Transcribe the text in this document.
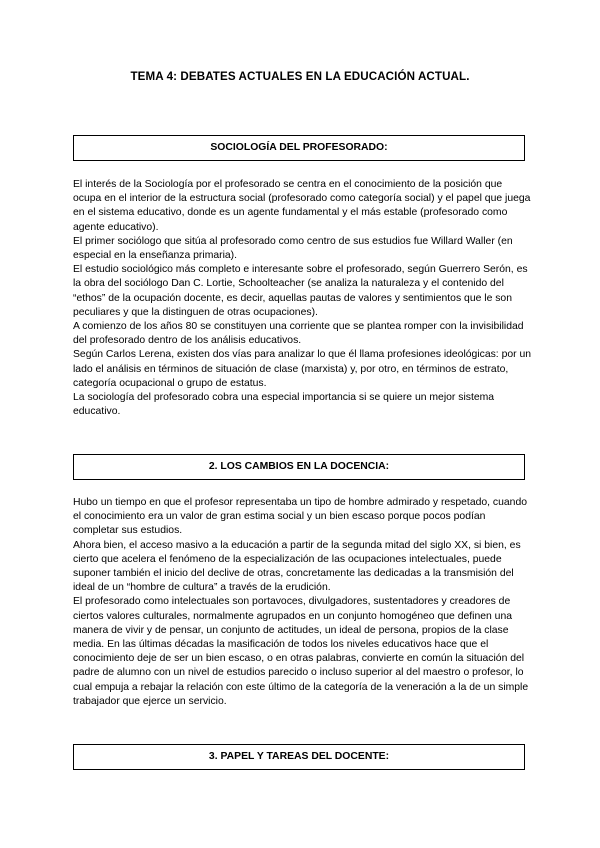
TEMA 4: DEBATES ACTUALES EN LA EDUCACIÓN ACTUAL.
SOCIOLOGÍA DEL PROFESORADO:

El interés de la Sociología por el profesorado se centra en el conocimiento de la posición que ocupa en el interior de la estructura social (profesorado como categoría social) y el papel que juega en el sistema educativo, donde es un agente fundamental y el más estable (profesorado como agente educativo).

El primer sociólogo que sitúa al profesorado como centro de sus estudios fue Willard Waller (en especial en la enseñanza primaria).

El estudio sociológico más completo e interesante sobre el profesorado, según Guerrero Serón, es la obra del sociólogo Dan C. Lortie, Schoolteacher (se analiza la naturaleza y el contenido del “ethos” de la ocupación docente, es decir, aquellas pautas de valores y sentimientos que le son peculiares y que la distinguen de otras ocupaciones).

A comienzo de los años 80 se constituyen una corriente que se plantea romper con la invisibilidad del profesorado dentro de los análisis educativos.

Según Carlos Lerena, existen dos vías para analizar lo que él llama profesiones ideológicas: por un lado el análisis en términos de situación de clase (marxista) y, por otro, en términos de estrato, categoría ocupacional o grupo de estatus.

La sociología del profesorado cobra una especial importancia si se quiere un mejor sistema educativo.

2. LOS CAMBIOS EN LA DOCENCIA:

Hubo un tiempo en que el profesor representaba un tipo de hombre admirado y respetado, cuando el conocimiento era un valor de gran estima social y un bien escaso porque pocos podían completar sus estudios.

Ahora bien, el acceso masivo a la educación a partir de la segunda mitad del siglo XX, si bien, es cierto que acelera el fenómeno de la especialización de las ocupaciones intelectuales, puede suponer también el inicio del declive de otras, concretamente las dedicadas a la transmisión del ideal de un “hombre de cultura” a través de la erudición.

El profesorado como intelectuales son portavoces, divulgadores, sustentadores y creadores de ciertos valores culturales, normalmente agrupados en un conjunto homogéneo que definen una manera de vivir y de pensar, un conjunto de actitudes, un ideal de persona, propios de la clase media. En las últimas décadas la masificación de todos los niveles educativos hace que el conocimiento deje de ser un bien escaso, o en otras palabras, convierte en común la situación del padre de alumno con un nivel de estudios parecido o incluso superior al del maestro o profesor, lo cual empuja a rebajar la relación con este último de la categoría de la veneración a la de un simple trabajador que ejerce un servicio.

3. PAPEL Y TAREAS DEL DOCENTE:
